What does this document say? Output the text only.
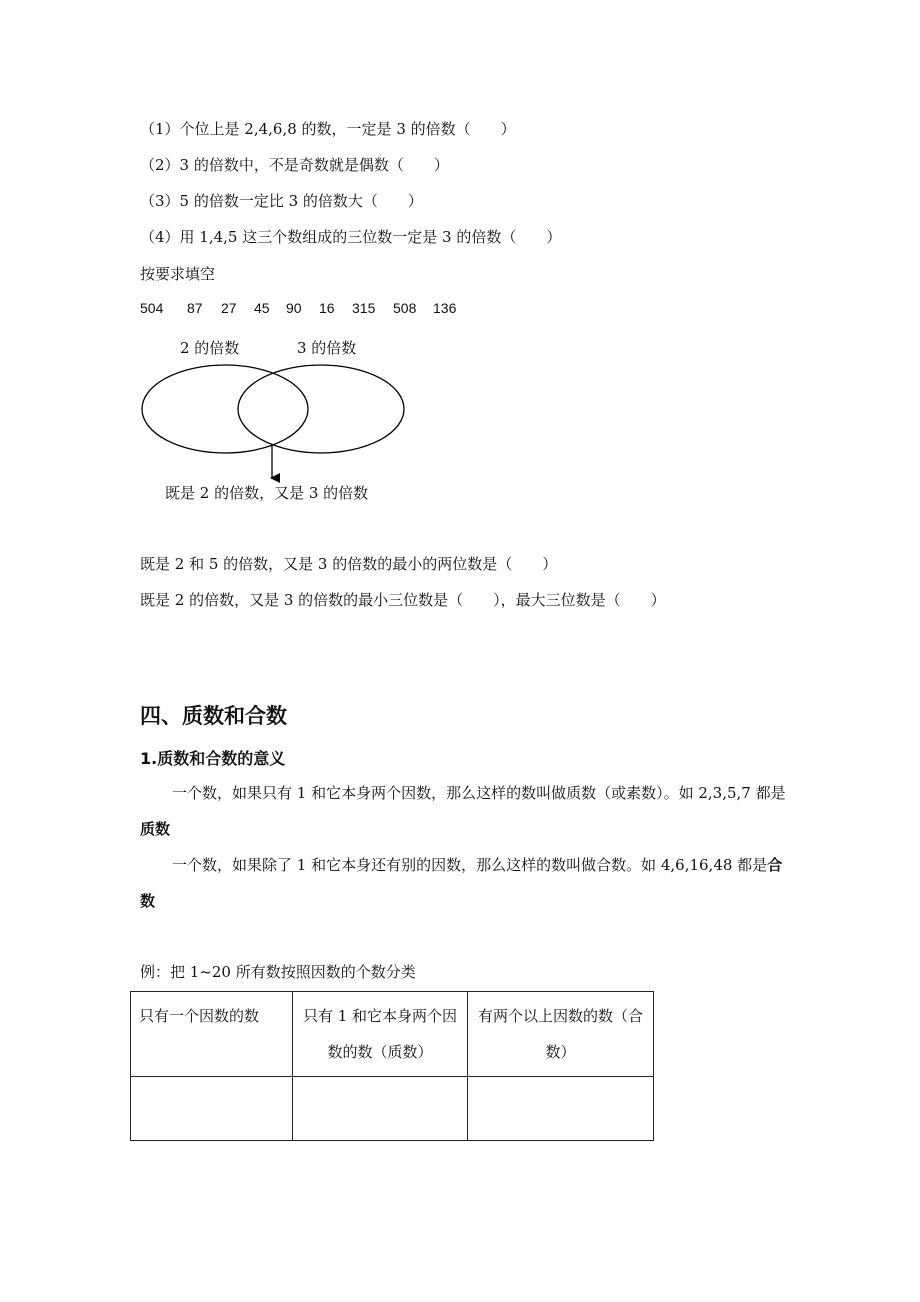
（1）个位上是 2,4,6,8 的数，一定是 3 的倍数（　　）
（2）3 的倍数中，不是奇数就是偶数（　　）
（3）5 的倍数一定比 3 的倍数大（　　）
（4）用 1,4,5 这三个数组成的三位数一定是 3 的倍数（　　）
按要求填空
504 87 27 45 90 16 315 508 136
2 的倍数	3 的倍数
既是 2 的倍数，又是 3 的倍数
既是 2 和 5 的倍数，又是 3 的倍数的最小的两位数是（　　）
既是 2 的倍数，又是 3 的倍数的最小三位数是（　　），最大三位数是（　　）
四、质数和合数
1.质数和合数的意义
一个数，如果只有 1 和它本身两个因数，那么这样的数叫做质数（或素数）。如 2,3,5,7 都是质数
一个数，如果除了 1 和它本身还有别的因数，那么这样的数叫做合数。如 4,6,16,48 都是合数
例：把 1~20 所有数按照因数的个数分类
只有一个因数的数	只有 1 和它本身两个因数的数（质数）	有两个以上因数的数（合数）
